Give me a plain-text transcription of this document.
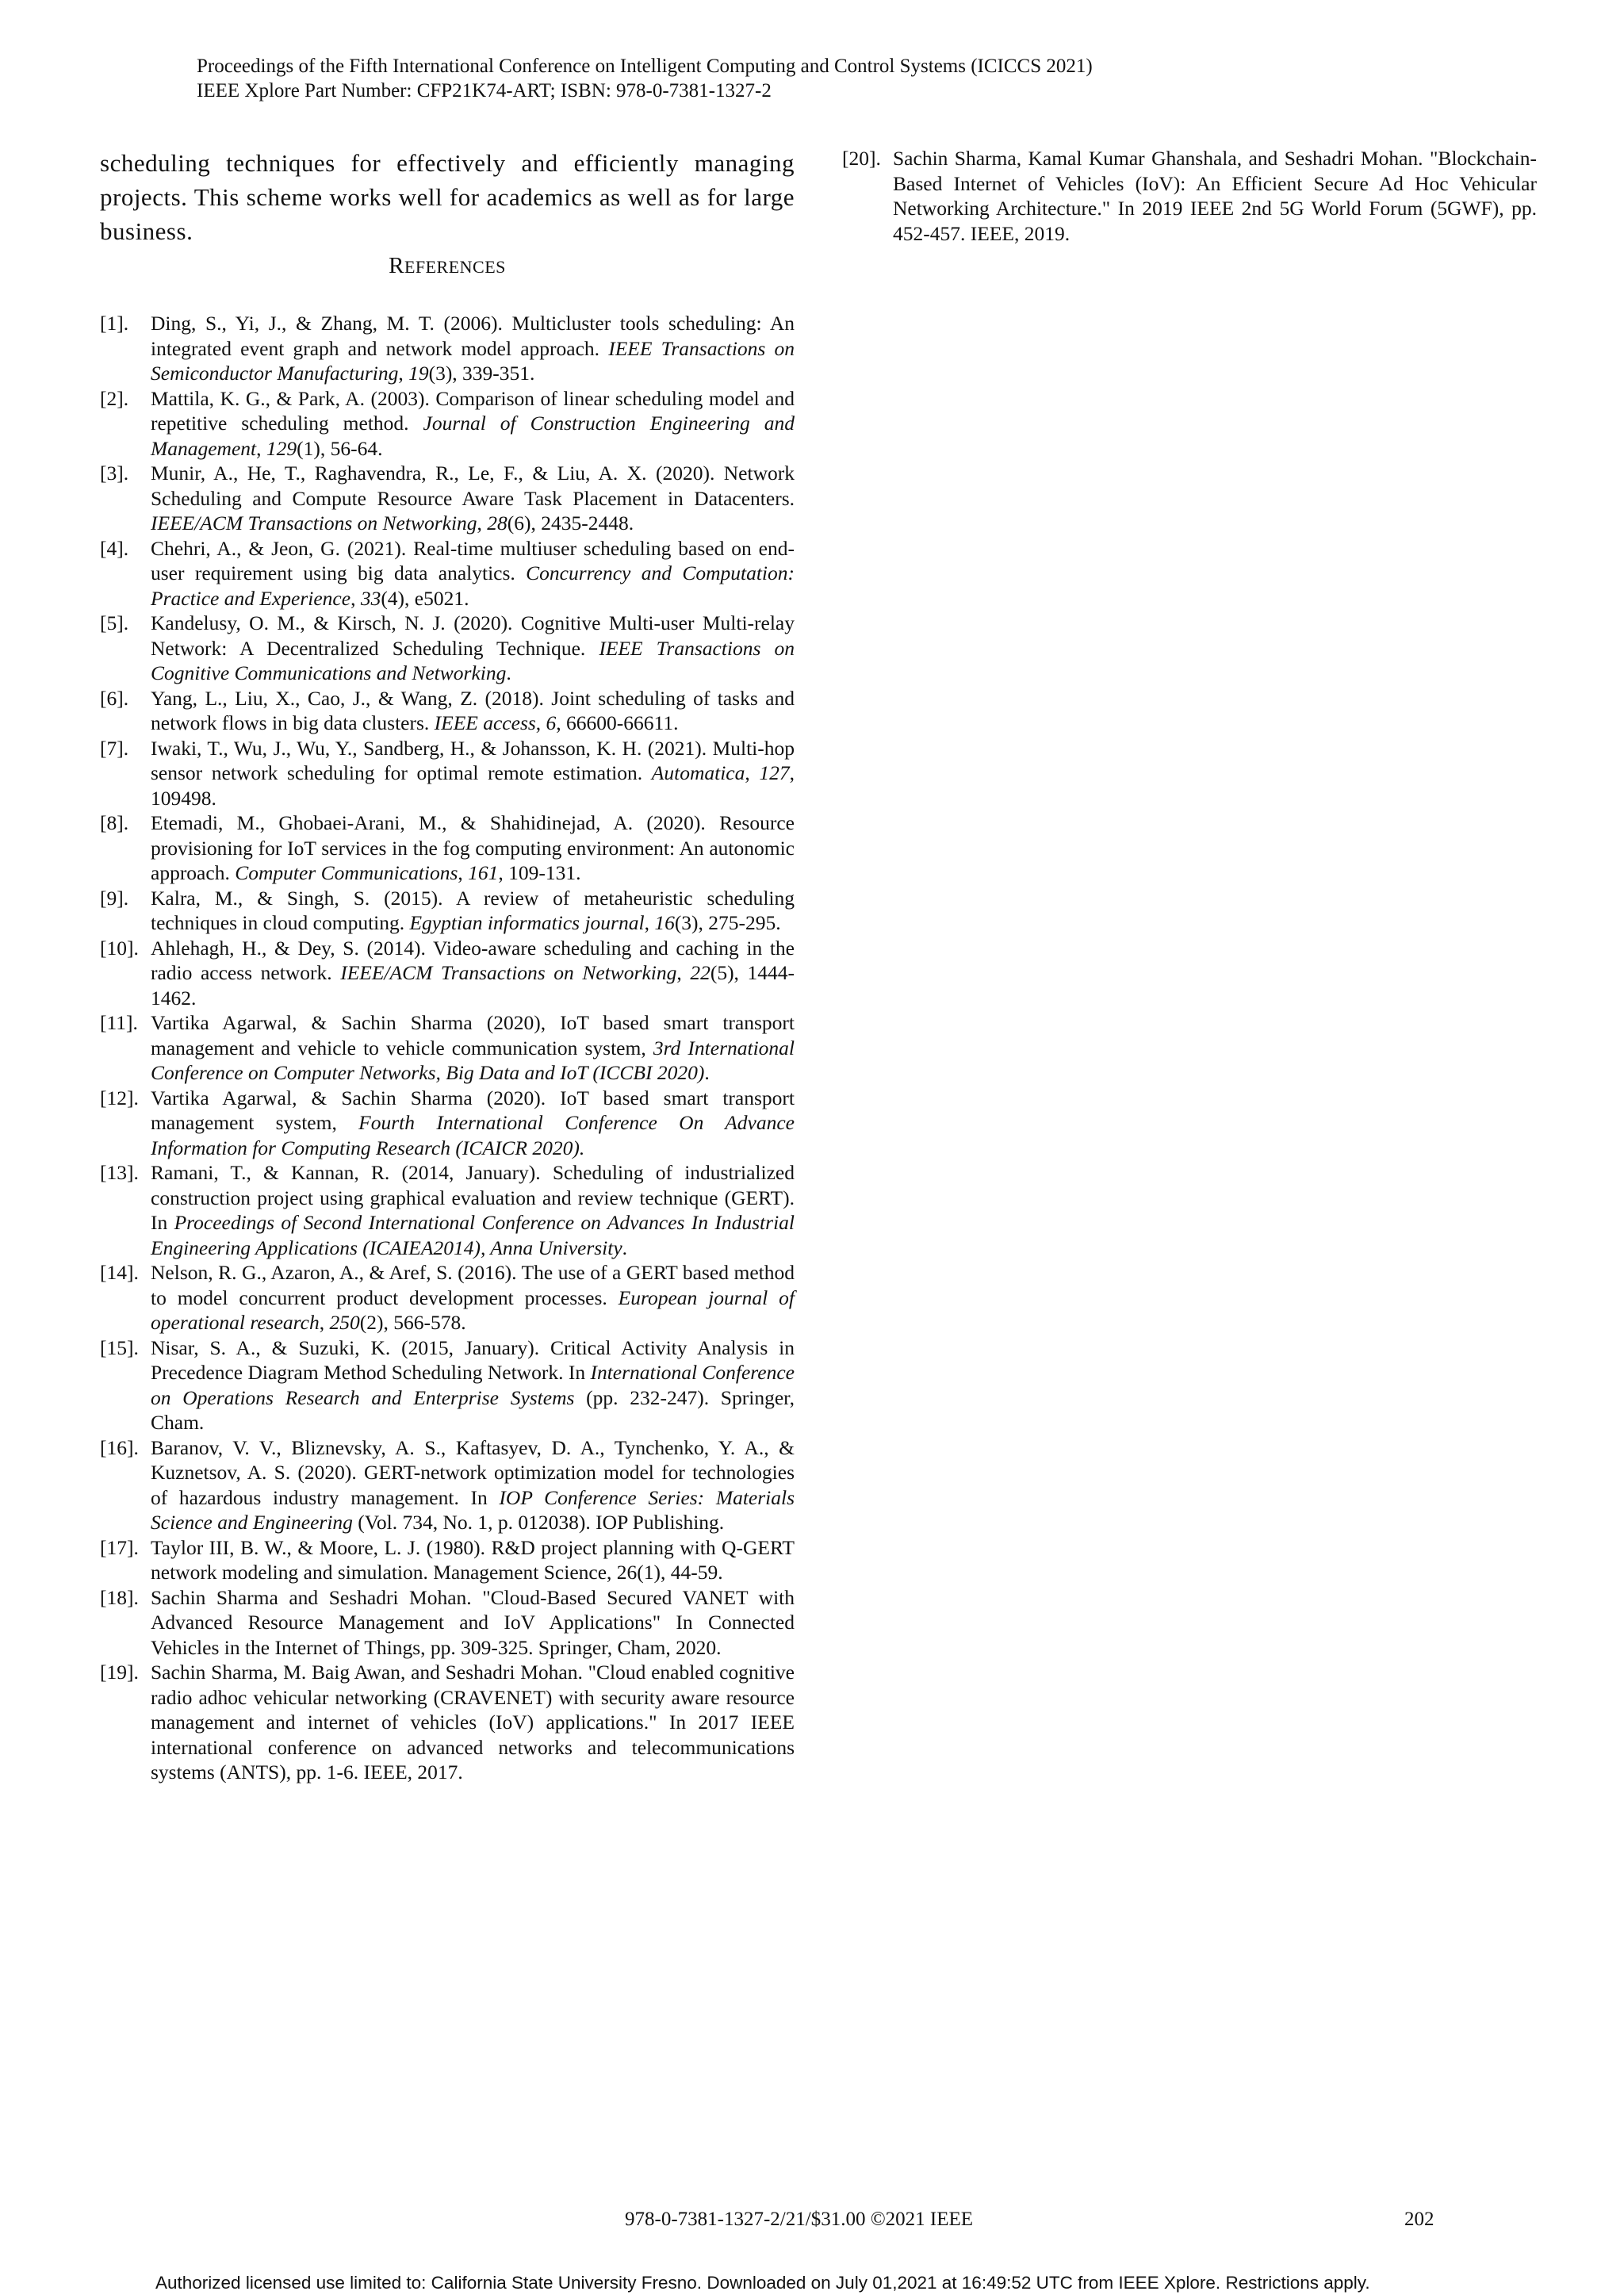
Proceedings of the Fifth International Conference on Intelligent Computing and Control Systems (ICICCS 2021)
IEEE Xplore Part Number: CFP21K74-ART; ISBN: 978-0-7381-1327-2

scheduling techniques for effectively and efficiently managing projects. This scheme works well for academics as well as for large business.

REFERENCES
[1].	Ding, S., Yi, J., & Zhang, M. T. (2006). Multicluster tools scheduling: An integrated event graph and network model approach. IEEE Transactions on Semiconductor Manufacturing, 19(3), 339-351.
[2].	Mattila, K. G., & Park, A. (2003). Comparison of linear scheduling model and repetitive scheduling method. Journal of Construction Engineering and Management, 129(1), 56-64.
[3].	Munir, A., He, T., Raghavendra, R., Le, F., & Liu, A. X. (2020). Network Scheduling and Compute Resource Aware Task Placement in Datacenters. IEEE/ACM Transactions on Networking, 28(6), 2435-2448.
[4].	Chehri, A., & Jeon, G. (2021). Real-time multiuser scheduling based on end-user requirement using big data analytics. Concurrency and Computation: Practice and Experience, 33(4), e5021.
[5].	Kandelusy, O. M., & Kirsch, N. J. (2020). Cognitive Multi-user Multi-relay Network: A Decentralized Scheduling Technique. IEEE Transactions on Cognitive Communications and Networking.
[6].	Yang, L., Liu, X., Cao, J., & Wang, Z. (2018). Joint scheduling of tasks and network flows in big data clusters. IEEE access, 6, 66600-66611.
[7].	Iwaki, T., Wu, J., Wu, Y., Sandberg, H., & Johansson, K. H. (2021). Multi-hop sensor network scheduling for optimal remote estimation. Automatica, 127, 109498.
[8].	Etemadi, M., Ghobaei-Arani, M., & Shahidinejad, A. (2020). Resource provisioning for IoT services in the fog computing environment: An autonomic approach. Computer Communications, 161, 109-131.
[9].	Kalra, M., & Singh, S. (2015). A review of metaheuristic scheduling techniques in cloud computing. Egyptian informatics journal, 16(3), 275-295.
[10]. Ahlehagh, H., & Dey, S. (2014). Video-aware scheduling and caching in the radio access network. IEEE/ACM Transactions on Networking, 22(5), 1444-1462.
[11]. Vartika Agarwal, & Sachin Sharma (2020), IoT based smart transport management and vehicle to vehicle communication system, 3rd International Conference on Computer Networks, Big Data and IoT (ICCBI 2020).
[12]. Vartika Agarwal, & Sachin Sharma (2020). IoT based smart transport management system, Fourth International Conference On Advance Information for Computing Research (ICAICR 2020).
[13]. Ramani, T., & Kannan, R. (2014, January). Scheduling of industrialized construction project using graphical evaluation and review technique (GERT). In Proceedings of Second International Conference on Advances In Industrial Engineering Applications (ICAIEA2014), Anna University.
[14]. Nelson, R. G., Azaron, A., & Aref, S. (2016). The use of a GERT based method to model concurrent product development processes. European journal of operational research, 250(2), 566-578.
[15]. Nisar, S. A., & Suzuki, K. (2015, January). Critical Activity Analysis in Precedence Diagram Method Scheduling Network. In International Conference on Operations Research and Enterprise Systems (pp. 232-247). Springer, Cham.
[16]. Baranov, V. V., Bliznevsky, A. S., Kaftasyev, D. A., Tynchenko, Y. A., & Kuznetsov, A. S. (2020). GERT-network optimization model for technologies of hazardous industry management. In IOP Conference Series: Materials Science and Engineering (Vol. 734, No. 1, p. 012038). IOP Publishing.
[17]. Taylor III, B. W., & Moore, L. J. (1980). R&D project planning with Q-GERT network modeling and simulation. Management Science, 26(1), 44-59.
[18]. Sachin Sharma and Seshadri Mohan. "Cloud-Based Secured VANET with Advanced Resource Management and IoV Applications" In Connected Vehicles in the Internet of Things, pp. 309-325. Springer, Cham, 2020.
[19]. Sachin Sharma, M. Baig Awan, and Seshadri Mohan. "Cloud enabled cognitive radio adhoc vehicular networking (CRAVENET) with security aware resource management and internet of vehicles (IoV) applications." In 2017 IEEE international conference on advanced networks and telecommunications systems (ANTS), pp. 1-6. IEEE, 2017.
[20]. Sachin Sharma, Kamal Kumar Ghanshala, and Seshadri Mohan. "Blockchain-Based Internet of Vehicles (IoV): An Efficient Secure Ad Hoc Vehicular Networking Architecture." In 2019 IEEE 2nd 5G World Forum (5GWF), pp. 452-457. IEEE, 2019.
978-0-7381-1327-2/21/$31.00 ©2021 IEEE	202
Authorized licensed use limited to: California State University Fresno. Downloaded on July 01,2021 at 16:49:52 UTC from IEEE Xplore. Restrictions apply.
